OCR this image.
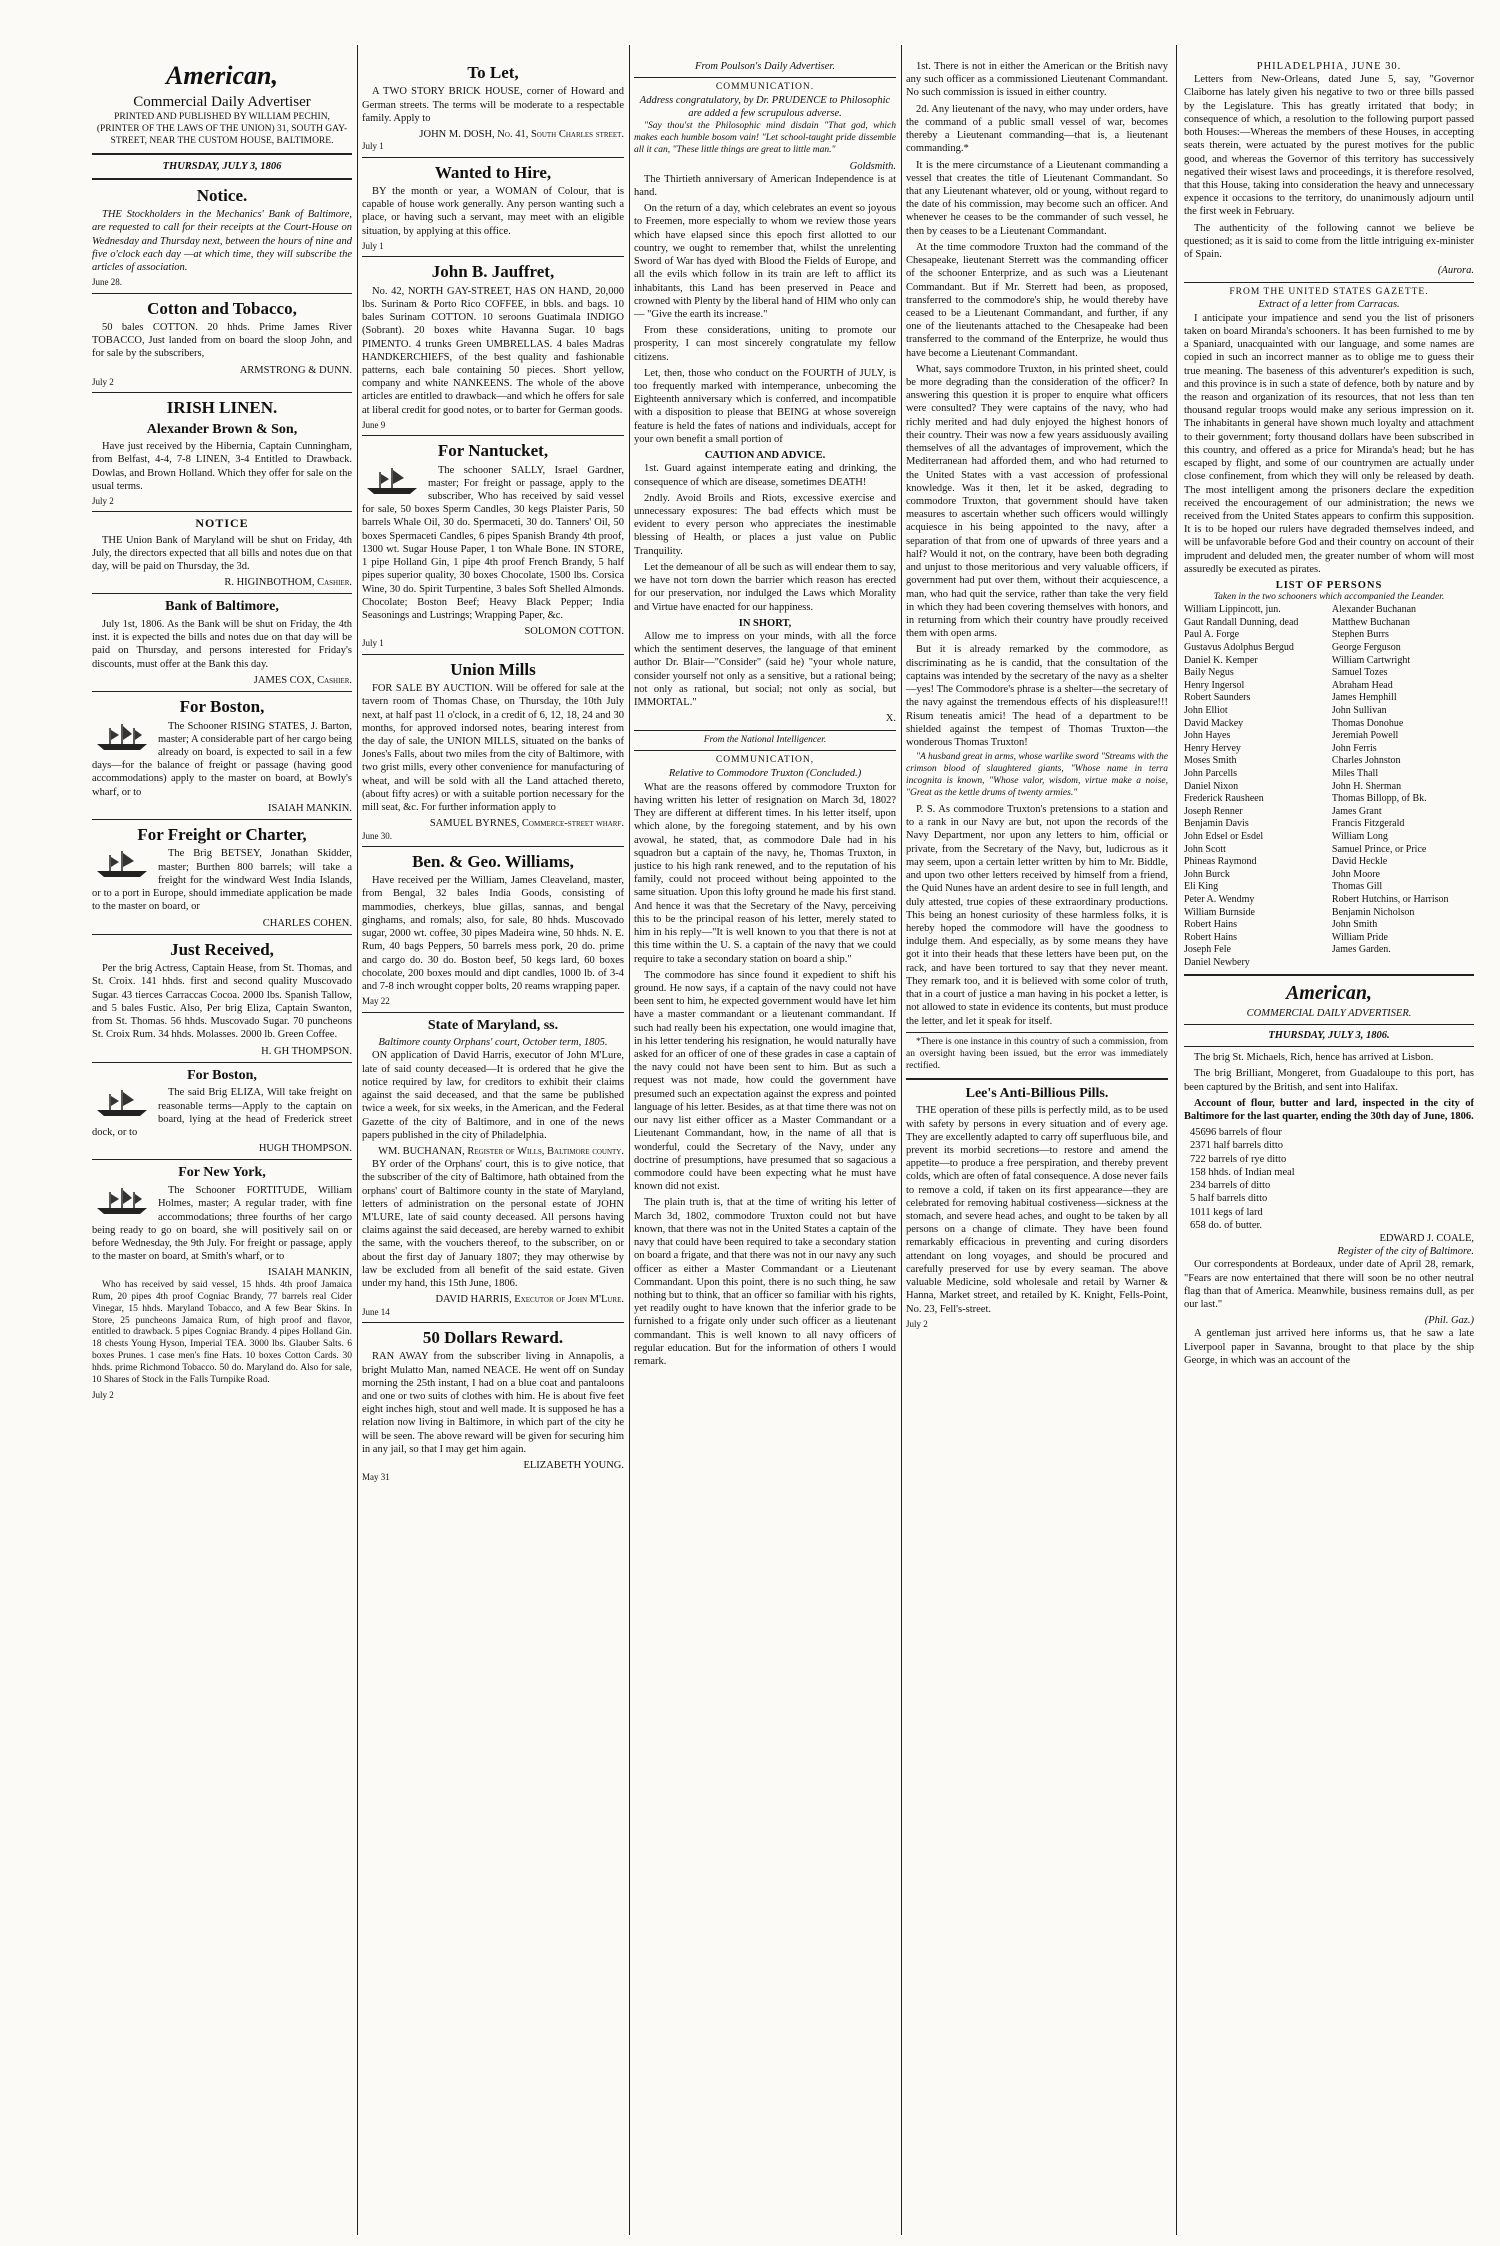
American,
Commercial Daily Advertiser
PRINTED AND PUBLISHED BY WILLIAM PECHIN, (PRINTER OF THE LAWS OF THE UNION) 31, SOUTH GAY-STREET, NEAR THE CUSTOM HOUSE, BALTIMORE.
THURSDAY, JULY 3, 1806
Notice.

THE Stockholders in the Mechanics' Bank of Baltimore, are requested to call for their receipts at the Court-House on Wednesday and Thursday next, between the hours of nine and five o'clock each day —at which time, they will subscribe the articles of association.

June 28.
Cotton and Tobacco,

50 bales COTTON. 20 hhds. Prime James River TOBACCO, Just landed from on board the sloop John, and for sale by the subscribers,

ARMSTRONG & DUNN.
July 2
IRISH LINEN.
Alexander Brown & Son,

Have just received by the Hibernia, Captain Cunningham, from Belfast, 4-4, 7-8 LINEN, 3-4 Entitled to Drawback. Dowlas, and Brown Holland. Which they offer for sale on the usual terms.

July 2
NOTICE

THE Union Bank of Maryland will be shut on Friday, 4th July, the directors expected that all bills and notes due on that day, will be paid on Thursday, the 3d.

R. HIGINBOTHOM, Cashier.
Bank of Baltimore,

July 1st, 1806. As the Bank will be shut on Friday, the 4th inst. it is expected the bills and notes due on that day will be paid on Thursday, and persons interested for Friday's discounts, must offer at the Bank this day.

JAMES COX, Cashier.
For Boston,

The Schooner RISING STATES, J. Barton, master; A considerable part of her cargo being already on board, is expected to sail in a few days—for the balance of freight or passage (having good accommodations) apply to the master on board, at Bowly's wharf, or to

ISAIAH MANKIN.
For Freight or Charter,

The Brig BETSEY, Jonathan Skidder, master; Burthen 800 barrels; will take a freight for the windward West India Islands, or to a port in Europe, should immediate application be made to the master on board, or

CHARLES COHEN.
Just Received,

Per the brig Actress, Captain Hease, from St. Thomas, and St. Croix. 141 hhds. first and second quality Muscovado Sugar. 43 tierces Carraccas Cocoa. 2000 lbs. Spanish Tallow, and 5 bales Fustic. Also, Per brig Eliza, Captain Swanton, from St. Thomas. 56 hhds. Muscovado Sugar. 70 puncheons St. Croix Rum. 34 hhds. Molasses. 2000 lb. Green Coffee.

H. GH THOMPSON.
For Boston,

The said Brig ELIZA, Will take freight on reasonable terms—Apply to the captain on board, lying at the head of Frederick street dock, or to

HUGH THOMPSON.
For New York,

The Schooner FORTITUDE, William Holmes, master; A regular trader, with fine accommodations; three fourths of her cargo being ready to go on board, she will positively sail on or before Wednesday, the 9th July. For freight or passage, apply to the master on board, at Smith's wharf, or to

ISAIAH MANKIN,

Who has received by said vessel, 15 hhds. 4th proof Jamaica Rum, 20 pipes 4th proof Cogniac Brandy, 77 barrels real Cider Vinegar, 15 hhds. Maryland Tobacco, and A few Bear Skins. In Store, 25 puncheons Jamaica Rum, of high proof and flavor, entitled to drawback. 5 pipes Cogniac Brandy. 4 pipes Holland Gin. 18 chests Young Hyson, Imperial TEA. 3000 lbs. Glauber Salts. 6 boxes Prunes. 1 case men's fine Hats. 10 boxes Cotton Cards. 30 hhds. prime Richmond Tobacco. 50 do. Maryland do. Also for sale, 10 Shares of Stock in the Falls Turnpike Road.

July 2
To Let,

A TWO STORY BRICK HOUSE, corner of Howard and German streets. The terms will be moderate to a respectable family. Apply to

JOHN M. DOSH, No. 41, South Charles street.
July 1
Wanted to Hire,

BY the month or year, a WOMAN of Colour, that is capable of house work generally. Any person wanting such a place, or having such a servant, may meet with an eligible situation, by applying at this office.

July 1
John B. Jauffret,

No. 42, NORTH GAY-STREET, HAS ON HAND, 20,000 lbs. Surinam & Porto Rico COFFEE, in bbls. and bags. 10 bales Surinam COTTON. 10 seroons Guatimala INDIGO (Sobrant). 20 boxes white Havanna Sugar. 10 bags PIMENTO. 4 trunks Green UMBRELLAS. 4 bales Madras HANDKERCHIEFS, of the best quality and fashionable patterns, each bale containing 50 pieces. Short yellow, company and white NANKEENS. The whole of the above articles are entitled to drawback—and which he offers for sale at liberal credit for good notes, or to barter for German goods.

June 9
For Nantucket,

The schooner SALLY, Israel Gardner, master; For freight or passage, apply to the subscriber, Who has received by said vessel for sale, 50 boxes Sperm Candles, 30 kegs Plaister Paris, 50 barrels Whale Oil, 30 do. Spermaceti, 30 do. Tanners' Oil, 50 boxes Spermaceti Candles, 6 pipes Spanish Brandy 4th proof, 1300 wt. Sugar House Paper, 1 ton Whale Bone. IN STORE, 1 pipe Holland Gin, 1 pipe 4th proof French Brandy, 5 half pipes superior quality, 30 boxes Chocolate, 1500 lbs. Corsica Wine, 30 do. Spirit Turpentine, 3 bales Soft Shelled Almonds. Chocolate; Boston Beef; Heavy Black Pepper; India Seasonings and Lustrings; Wrapping Paper, &c.

SOLOMON COTTON.
July 1
Union Mills

FOR SALE BY AUCTION. Will be offered for sale at the tavern room of Thomas Chase, on Thursday, the 10th July next, at half past 11 o'clock, in a credit of 6, 12, 18, 24 and 30 months, for approved indorsed notes, bearing interest from the day of sale, the UNION MILLS, situated on the banks of Jones's Falls, about two miles from the city of Baltimore, with two grist mills, every other convenience for manufacturing of wheat, and will be sold with all the Land attached thereto, (about fifty acres) or with a suitable portion necessary for the mill seat, &c. For further information apply to

SAMUEL BYRNES, Commerce-street wharf.
June 30.
Ben. & Geo. Williams,

Have received per the William, James Cleaveland, master, from Bengal, 32 bales India Goods, consisting of mammodies, cherkeys, blue gillas, sannas, and bengal ginghams, and romals; also, for sale, 80 hhds. Muscovado sugar, 2000 wt. coffee, 30 pipes Madeira wine, 50 hhds. N. E. Rum, 40 bags Peppers, 50 barrels mess pork, 20 do. prime and cargo do. 30 do. Boston beef, 50 kegs lard, 60 boxes chocolate, 200 boxes mould and dipt candles, 1000 lb. of 3-4 and 7-8 inch wrought copper bolts, 20 reams wrapping paper.

May 22
State of Maryland, ss.
Baltimore county Orphans' court, October term, 1805.

ON application of David Harris, executor of John M'Lure, late of said county deceased—It is ordered that he give the notice required by law, for creditors to exhibit their claims against the said deceased, and that the same be published twice a week, for six weeks, in the American, and the Federal Gazette of the city of Baltimore, and in one of the news papers published in the city of Philadelphia.

WM. BUCHANAN, Register of Wills, Baltimore county.

BY order of the Orphans' court, this is to give notice, that the subscriber of the city of Baltimore, hath obtained from the orphans' court of Baltimore county in the state of Maryland, letters of administration on the personal estate of JOHN M'LURE, late of said county deceased. All persons having claims against the said deceased, are hereby warned to exhibit the same, with the vouchers thereof, to the subscriber, on or about the first day of January 1807; they may otherwise by law be excluded from all benefit of the said estate. Given under my hand, this 15th June, 1806.

DAVID HARRIS, Executor of John M'Lure.
June 14
50 Dollars Reward.

RAN AWAY from the subscriber living in Annapolis, a bright Mulatto Man, named NEACE. He went off on Sunday morning the 25th instant, I had on a blue coat and pantaloons and one or two suits of clothes with him. He is about five feet eight inches high, stout and well made. It is supposed he has a relation now living in Baltimore, in which part of the city he will be seen. The above reward will be given for securing him in any jail, so that I may get him again.

ELIZABETH YOUNG.
May 31
From Poulson's Daily Advertiser.
COMMUNICATION.
Address congratulatory, by Dr. PRUDENCE to Philosophic are added a few scrupulous adverse.

"Say thou'st the Philosophic mind disdain "That god, which makes each humble bosom vain! "Let school-taught pride dissemble all it can, "These little things are great to little man."

Goldsmith.

The Thirtieth anniversary of American Independence is at hand.

On the return of a day, which celebrates an event so joyous to Freemen, more especially to whom we review those years which have elapsed since this epoch first allotted to our country, we ought to remember that, whilst the unrelenting Sword of War has dyed with Blood the Fields of Europe, and all the evils which follow in its train are left to afflict its inhabitants, this Land has been preserved in Peace and crowned with Plenty by the liberal hand of HIM who only can — "Give the earth its increase."

From these considerations, uniting to promote our prosperity, I can most sincerely congratulate my fellow citizens.

Let, then, those who conduct on the FOURTH of JULY, is too frequently marked with intemperance, unbecoming the Eighteenth anniversary which is conferred, and incompatible with a disposition to please that BEING at whose sovereign feature is held the fates of nations and individuals, accept for your own benefit a small portion of

CAUTION AND ADVICE.

1st. Guard against intemperate eating and drinking, the consequence of which are disease, sometimes DEATH!

2ndly. Avoid Broils and Riots, excessive exercise and unnecessary exposures: The bad effects which must be evident to every person who appreciates the inestimable blessing of Health, or places a just value on Public Tranquility.

Let the demeanour of all be such as will endear them to say, we have not torn down the barrier which reason has erected for our preservation, nor indulged the Laws which Morality and Virtue have enacted for our happiness.

IN SHORT,

Allow me to impress on your minds, with all the force which the sentiment deserves, the language of that eminent author Dr. Blair—"Consider" (said he) "your whole nature, consider yourself not only as a sensitive, but a rational being; not only as rational, but social; not only as social, but IMMORTAL."

X.
From the National Intelligencer.
COMMUNICATION,
Relative to Commodore Truxton (Concluded.)

What are the reasons offered by commodore Truxton for having written his letter of resignation on March 3d, 1802? They are different at different times. In his letter itself, upon which alone, by the foregoing statement, and by his own avowal, he stated, that, as commodore Dale had in his squadron but a captain of the navy, he, Thomas Truxton, in justice to his high rank renewed, and to the reputation of his family, could not proceed without being appointed to the same situation. Upon this lofty ground he made his first stand. And hence it was that the Secretary of the Navy, perceiving this to be the principal reason of his letter, merely stated to him in his reply—"It is well known to you that there is not at this time within the U. S. a captain of the navy that we could require to take a secondary station on board a ship."

The commodore has since found it expedient to shift his ground. He now says, if a captain of the navy could not have been sent to him, he expected government would have let him have a master commandant or a lieutenant commandant. If such had really been his expectation, one would imagine that, in his letter tendering his resignation, he would naturally have asked for an officer of one of these grades in case a captain of the navy could not have been sent to him. But as such a request was not made, how could the government have presumed such an expectation against the express and pointed language of his letter. Besides, as at that time there was not on our navy list either officer as a Master Commandant or a Lieutenant Commandant, how, in the name of all that is wonderful, could the Secretary of the Navy, under any doctrine of presumptions, have presumed that so sagacious a commodore could have been expecting what he must have known did not exist.

The plain truth is, that at the time of writing his letter of March 3d, 1802, commodore Truxton could not but have known, that there was not in the United States a captain of the navy that could have been required to take a secondary station on board a frigate, and that there was not in our navy any such officer as either a Master Commandant or a Lieutenant Commandant. Upon this point, there is no such thing, he saw nothing but to think, that an officer so familiar with his rights, yet readily ought to have known that the inferior grade to be furnished to a frigate only under such officer as a lieutenant commandant. This is well known to all navy officers of regular education. But for the information of others I would remark.

1st. There is not in either the American or the British navy any such officer as a commissioned Lieutenant Commandant. No such commission is issued in either country.

2d. Any lieutenant of the navy, who may under orders, have the command of a public small vessel of war, becomes thereby a Lieutenant commanding—that is, a lieutenant commanding.*

It is the mere circumstance of a Lieutenant commanding a vessel that creates the title of Lieutenant Commandant. So that any Lieutenant whatever, old or young, without regard to the date of his commission, may become such an officer. And whenever he ceases to be the commander of such vessel, he then by ceases to be a Lieutenant Commandant.

At the time commodore Truxton had the command of the Chesapeake, lieutenant Sterrett was the commanding officer of the schooner Enterprize, and as such was a Lieutenant Commandant. But if Mr. Sterrett had been, as proposed, transferred to the commodore's ship, he would thereby have ceased to be a Lieutenant Commandant, and further, if any one of the lieutenants attached to the Chesapeake had been transferred to the command of the Enterprize, he would thus have become a Lieutenant Commandant.

What, says commodore Truxton, in his printed sheet, could be more degrading than the consideration of the officer? In answering this question it is proper to enquire what officers were consulted? They were captains of the navy, who had richly merited and had duly enjoyed the highest honors of their country. Their was now a few years assiduously availing themselves of all the advantages of improvement, which the Mediterranean had afforded them, and who had returned to the United States with a vast accession of professional knowledge. Was it then, let it be asked, degrading to commodore Truxton, that government should have taken measures to ascertain whether such officers would willingly acquiesce in his being appointed to the navy, after a separation of that from one of upwards of three years and a half? Would it not, on the contrary, have been both degrading and unjust to those meritorious and very valuable officers, if government had put over them, without their acquiescence, a man, who had quit the service, rather than take the very field in which they had been covering themselves with honors, and in returning from which their country have proudly received them with open arms.

But it is already remarked by the commodore, as discriminating as he is candid, that the consultation of the captains was intended by the secretary of the navy as a shelter—yes! The Commodore's phrase is a shelter—the secretary of the navy against the tremendous effects of his displeasure!!! Risum teneatis amici! The head of a department to be shielded against the tempest of Thomas Truxton—the wonderous Thomas Truxton!

"A husband great in arms, whose warlike sword "Streams with the crimson blood of slaughtered giants, "Whose name in terra incognita is known, "Whose valor, wisdom, virtue make a noise, "Great as the kettle drums of twenty armies."

P. S. As commodore Truxton's pretensions to a station and to a rank in our Navy are but, not upon the records of the Navy Department, nor upon any letters to him, official or private, from the Secretary of the Navy, but, ludicrous as it may seem, upon a certain letter written by him to Mr. Biddle, and upon two other letters received by himself from a friend, the Quid Nunes have an ardent desire to see in full length, and duly attested, true copies of these extraordinary productions. This being an honest curiosity of these harmless folks, it is hereby hoped the commodore will have the goodness to indulge them. And especially, as by some means they have got it into their heads that these letters have been put, on the rack, and have been tortured to say that they never meant. They remark too, and it is believed with some color of truth, that in a court of justice a man having in his pocket a letter, is not allowed to state in evidence its contents, but must produce the letter, and let it speak for itself.

*There is one instance in this country of such a commission, from an oversight having been issued, but the error was immediately rectified.

Lee's Anti-Billious Pills.

THE operation of these pills is perfectly mild, as to be used with safety by persons in every situation and of every age. They are excellently adapted to carry off superfluous bile, and prevent its morbid secretions—to restore and amend the appetite—to produce a free perspiration, and thereby prevent colds, which are often of fatal consequence. A dose never fails to remove a cold, if taken on its first appearance—they are celebrated for removing habitual costiveness—sickness at the stomach, and severe head aches, and ought to be taken by all persons on a change of climate. They have been found remarkably efficacious in preventing and curing disorders attendant on long voyages, and should be procured and carefully preserved for use by every seaman. The above valuable Medicine, sold wholesale and retail by Warner & Hanna, Market street, and retailed by K. Knight, Fells-Point, No. 23, Fell's-street.

July 2
PHILADELPHIA, JUNE 30.

Letters from New-Orleans, dated June 5, say, "Governor Claiborne has lately given his negative to two or three bills passed by the Legislature. This has greatly irritated that body; in consequence of which, a resolution to the following purport passed both Houses:—Whereas the members of these Houses, in accepting seats therein, were actuated by the purest motives for the public good, and whereas the Governor of this territory has successively negatived their wisest laws and proceedings, it is therefore resolved, that this House, taking into consideration the heavy and unnecessary expence it occasions to the territory, do unanimously adjourn until the first week in February.

The authenticity of the following cannot we believe be questioned; as it is said to come from the little intriguing ex-minister of Spain.

(Aurora.
FROM THE UNITED STATES GAZETTE.
Extract of a letter from Carracas.

I anticipate your impatience and send you the list of prisoners taken on board Miranda's schooners. It has been furnished to me by a Spaniard, unacquainted with our language, and some names are copied in such an incorrect manner as to oblige me to guess their true meaning. The baseness of this adventurer's expedition is such, and this province is in such a state of defence, both by nature and by the reason and organization of its resources, that not less than ten thousand regular troops would make any serious impression on it. The inhabitants in general have shown much loyalty and attachment to their government; forty thousand dollars have been subscribed in this country, and offered as a price for Miranda's head; but he has escaped by flight, and some of our countrymen are actually under close confinement, from which they will only be released by death. The most intelligent among the prisoners declare the expedition received the encouragement of our administration; the news we received from the United States appears to confirm this supposition. It is to be hoped our rulers have degraded themselves indeed, and will be unfavorable before God and their country on account of their imprudent and deluded men, the greater number of whom will most assuredly be executed as pirates.

LIST OF PERSONS
Taken in the two schooners which accompanied the Leander.
William Lippincott, jun.
Gaut Randall Dunning, dead
Paul A. Forge
Gustavus Adolphus Bergud
Daniel K. Kemper
Baily Negus
Henry Ingersol
Robert Saunders
John Elliot
David Mackey
John Hayes
Henry Hervey
Moses Smith
John Parcells
Daniel Nixon
Frederick Rausheen
Joseph Renner
Benjamin Davis
John Edsel or Esdel
John Scott
Phineas Raymond
John Burck
Eli King
Peter A. Wendmy
William Burnside
Robert Hains
Robert Hains
Joseph Fele
Daniel Newbery
Alexander Buchanan
Matthew Buchanan
Stephen Burrs
George Ferguson
William Cartwright
Samuel Tozes
Abraham Head
James Hemphill
John Sullivan
Thomas Donohue
Jeremiah Powell
John Ferris
Charles Johnston
Miles Thall
John H. Sherman
Thomas Billopp, of Bk.
James Grant
Francis Fitzgerald
William Long
Samuel Prince, or Price
David Heckle
John Moore
Thomas Gill
Robert Hutchins, or Harrison
Benjamin Nicholson
John Smith
William Pride
James Garden.
American,
COMMERCIAL DAILY ADVERTISER.
THURSDAY, JULY 3, 1806.

The brig St. Michaels, Rich, hence has arrived at Lisbon.

The brig Brilliant, Mongeret, from Guadaloupe to this port, has been captured by the British, and sent into Halifax.

Account of flour, butter and lard, inspected in the city of Baltimore for the last quarter, ending the 30th day of June, 1806.

45696 barrels of flour
2371 half barrels ditto
722 barrels of rye ditto
158 hhds. of Indian meal
234 barrels of ditto
5 half barrels ditto
1011 kegs of lard
658 do. of butter.
EDWARD J. COALE,
Register of the city of Baltimore.

Our correspondents at Bordeaux, under date of April 28, remark, "Fears are now entertained that there will soon be no other neutral flag than that of America. Meanwhile, business remains dull, as per our last."

(Phil. Gaz.)

A gentleman just arrived here informs us, that he saw a late Liverpool paper in Savanna, brought to that place by the ship George, in which was an account of the
